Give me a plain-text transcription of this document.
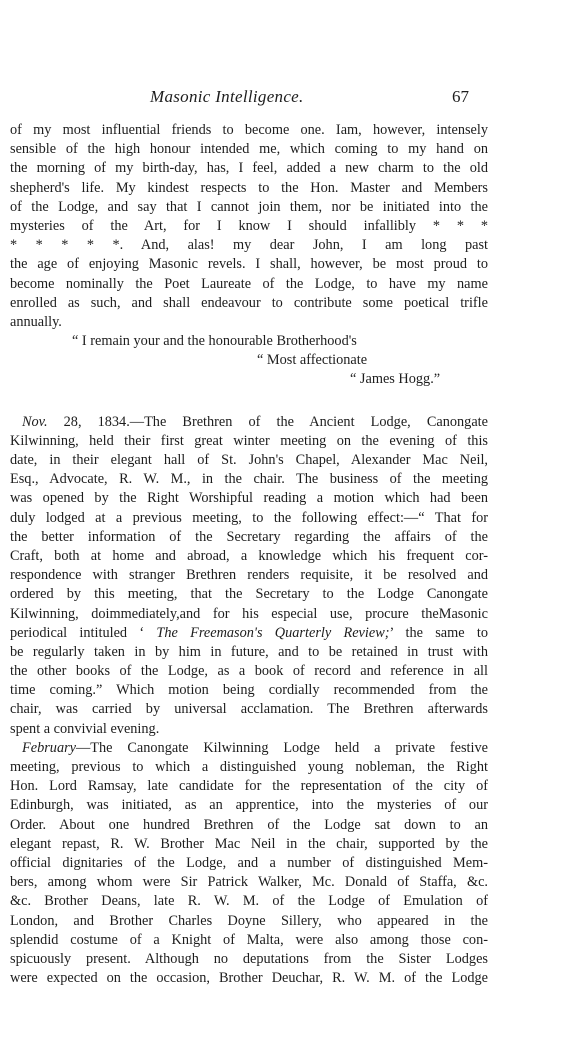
Masonic Intelligence.	67
of my most influential friends to become one. Iam, however, intensely
sensible of the high honour intended me, which coming to my hand on
the morning of my birth-day, has, I feel, added a new charm to the old
shepherd's life. My kindest respects to the Hon. Master and Members
of the Lodge, and say that I cannot join them, nor be initiated into the
mysteries of the Art, for I know I should infallibly * * *
* * * * *. And, alas! my dear John, I am long past
the age of enjoying Masonic revels. I shall, however, be most proud to
become nominally the Poet Laureate of the Lodge, to have my name
enrolled as such, and shall endeavour to contribute some poetical trifle
annually.
“ I remain your and the honourable Brotherhood's
“ Most affectionate
“ James Hogg.”
Nov. 28, 1834.—The Brethren of the Ancient Lodge, Canongate
Kilwinning, held their first great winter meeting on the evening of this
date, in their elegant hall of St. John's Chapel, Alexander Mac Neil,
Esq., Advocate, R. W. M., in the chair. The business of the meeting
was opened by the Right Worshipful reading a motion which had been
duly lodged at a previous meeting, to the following effect:—“ That for
the better information of the Secretary regarding the affairs of the
Craft, both at home and abroad, a knowledge which his frequent cor-
respondence with stranger Brethren renders requisite, it be resolved and
ordered by this meeting, that the Secretary to the Lodge Canongate
Kilwinning, doimmediately,and for his especial use, procure theMasonic
periodical intituled ‘ The Freemason's Quarterly Review;’ the same to
be regularly taken in by him in future, and to be retained in trust with
the other books of the Lodge, as a book of record and reference in all
time coming.” Which motion being cordially recommended from the
chair, was carried by universal acclamation. The Brethren afterwards
spent a convivial evening.
February—The Canongate Kilwinning Lodge held a private festive
meeting, previous to which a distinguished young nobleman, the Right
Hon. Lord Ramsay, late candidate for the representation of the city of
Edinburgh, was initiated, as an apprentice, into the mysteries of our
Order. About one hundred Brethren of the Lodge sat down to an
elegant repast, R. W. Brother Mac Neil in the chair, supported by the
official dignitaries of the Lodge, and a number of distinguished Mem-
bers, among whom were Sir Patrick Walker, Mc. Donald of Staffa, &c.
&c. Brother Deans, late R. W. M. of the Lodge of Emulation of
London, and Brother Charles Doyne Sillery, who appeared in the
splendid costume of a Knight of Malta, were also among those con-
spicuously present. Although no deputations from the Sister Lodges
were expected on the occasion, Brother Deuchar, R. W. M. of the Lodge
